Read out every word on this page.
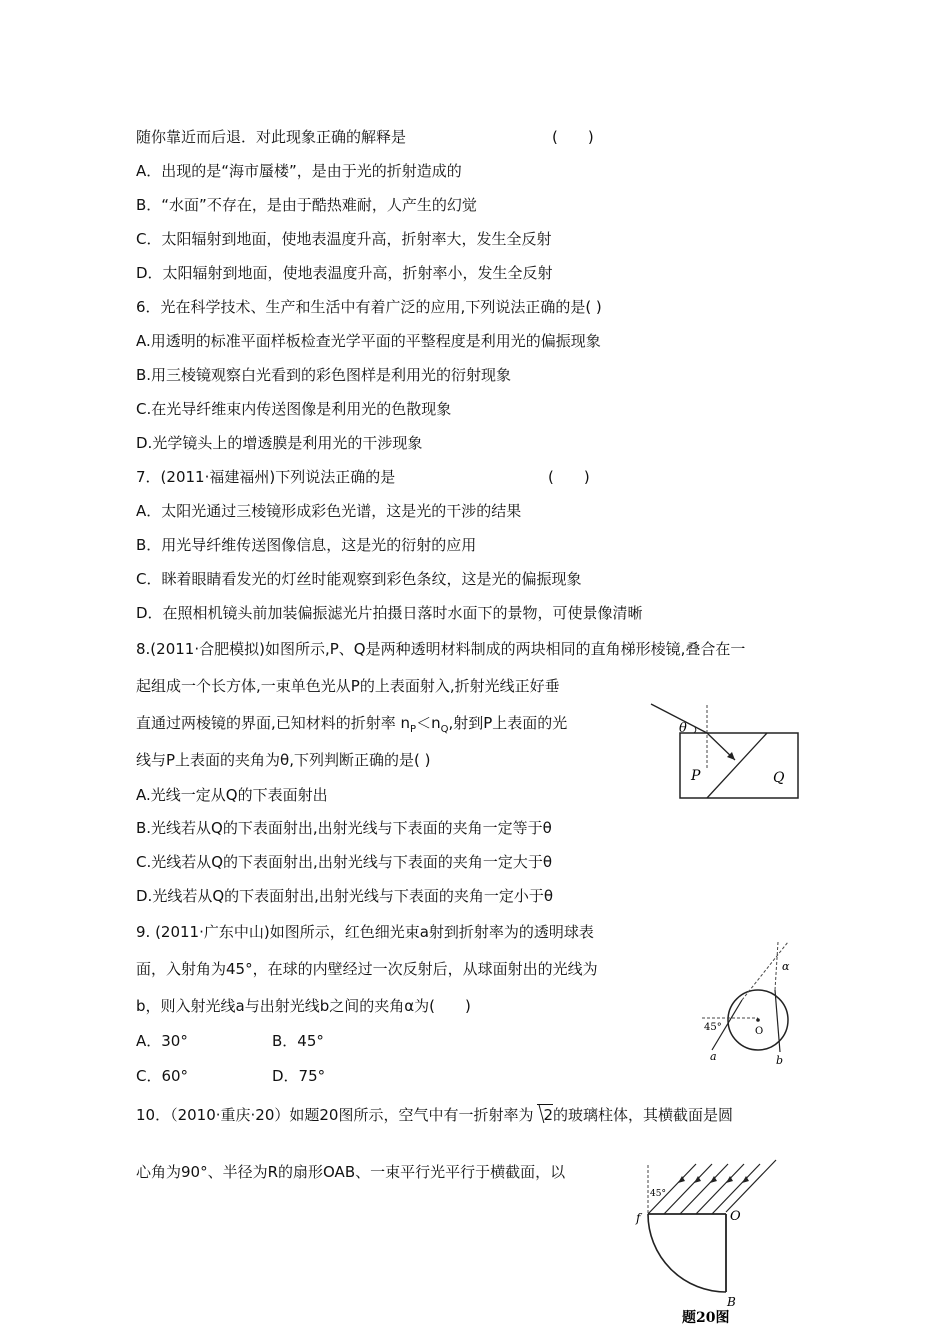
随你靠近而后退．对此现象正确的解释是	(　　)
A．出现的是“海市蜃楼”，是由于光的折射造成的
B．“水面”不存在，是由于酷热难耐，人产生的幻觉
C．太阳辐射到地面，使地表温度升高，折射率大，发生全反射
D．太阳辐射到地面，使地表温度升高，折射率小，发生全反射
6．光在科学技术、生产和生活中有着广泛的应用,下列说法正确的是( )
A.用透明的标准平面样板检查光学平面的平整程度是利用光的偏振现象
B.用三棱镜观察白光看到的彩色图样是利用光的衍射现象
C.在光导纤维束内传送图像是利用光的色散现象
D.光学镜头上的增透膜是利用光的干涉现象
7．(2011·福建福州)下列说法正确的是	(　　)
A．太阳光通过三棱镜形成彩色光谱，这是光的干涉的结果
B．用光导纤维传送图像信息，这是光的衍射的应用
C．眯着眼睛看发光的灯丝时能观察到彩色条纹，这是光的偏振现象
D．在照相机镜头前加装偏振滤光片拍摄日落时水面下的景物，可使景像清晰
8.(2011·合肥模拟)如图所示,P、Q是两种透明材料制成的两块相同的直角梯形棱镜,叠合在一
起组成一个长方体,一束单色光从P的上表面射入,折射光线正好垂
直通过两棱镜的界面,已知材料的折射率 $n_P<n_Q$,射到P上表面的光
线与P上表面的夹角为θ,下列判断正确的是( )
A.光线一定从Q的下表面射出
B.光线若从Q的下表面射出,出射光线与下表面的夹角一定等于θ
C.光线若从Q的下表面射出,出射光线与下表面的夹角一定大于θ
D.光线若从Q的下表面射出,出射光线与下表面的夹角一定小于θ
θ
P	Q
9. (2011·广东中山)如图所示，红色细光束a射到折射率为的透明球表
面，入射角为45°，在球的内壁经过一次反射后，从球面射出的光线为
b，则入射光线a与出射光线b之间的夹角α为(　　)
A．30°	B．45°
C．60°	D．75°
45°
a	b
α
O
10．（2010·重庆·20）如题20图所示，空气中有一折射率为 2的玻璃柱体，其横截面是圆
心角为90°、半径为R的扇形OAB、一束平行光平行于横截面，以
45°
O
B
f
题20图
